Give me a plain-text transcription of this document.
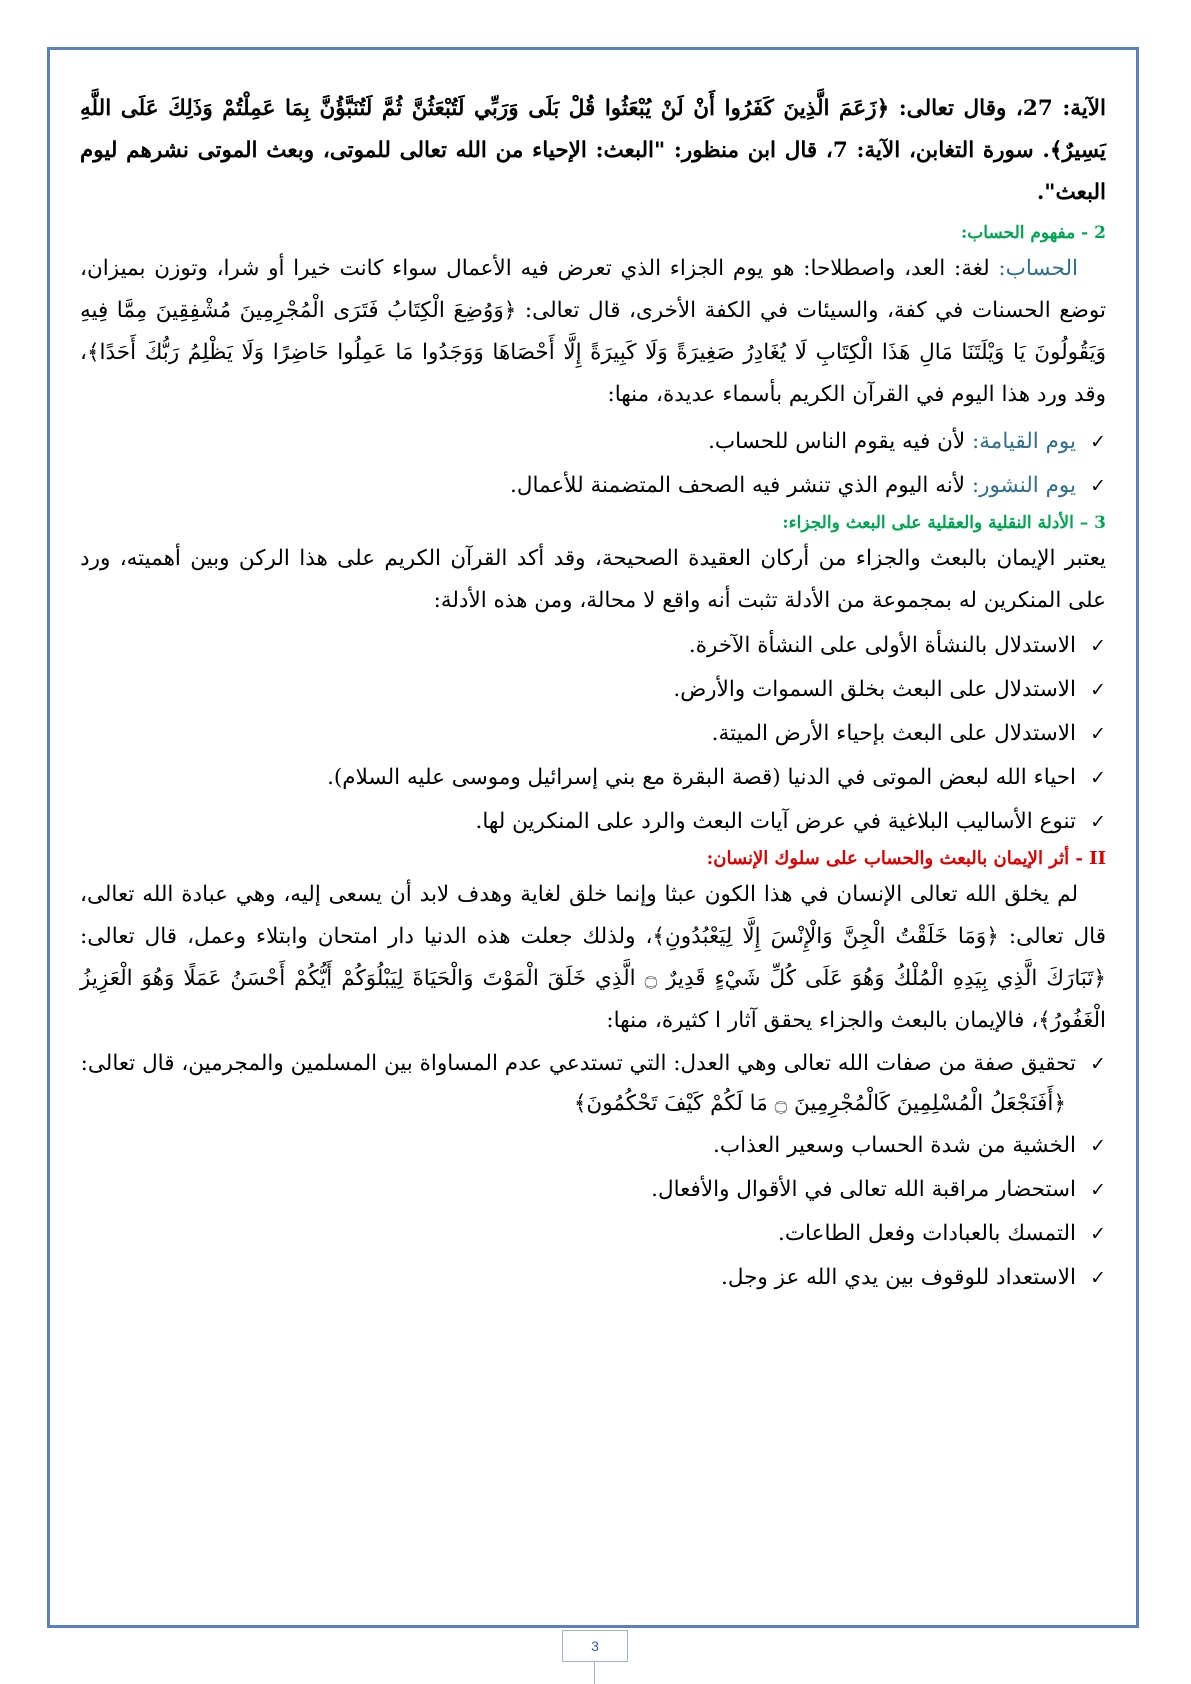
الآية: 27، وقال تعالى: ﴿زَعَمَ الَّذِينَ كَفَرُوا أَنْ لَنْ يُبْعَثُوا قُلْ بَلَى وَرَبِّي لَتُبْعَثُنَّ ثُمَّ لَتُنَبَّؤُنَّ بِمَا عَمِلْتُمْ وَذَلِكَ عَلَى اللَّهِ يَسِيرٌ﴾. سورة التغابن، الآية: 7، قال ابن منظور: "البعث: الإحياء من الله تعالى للموتى، وبعث الموتى نشرهم ليوم البعث".

2 - مفهوم الحساب:

الحساب: لغة: العد، واصطلاحا: هو يوم الجزاء الذي تعرض فيه الأعمال سواء كانت خيرا أو شرا، وتوزن بميزان، توضع الحسنات في كفة، والسيئات في الكفة الأخرى، قال تعالى: ﴿وَوُضِعَ الْكِتَابُ فَتَرَى الْمُجْرِمِينَ مُشْفِقِينَ مِمَّا فِيهِ وَيَقُولُونَ يَا وَيْلَتَنَا مَالِ هَذَا الْكِتَابِ لَا يُغَادِرُ صَغِيرَةً وَلَا كَبِيرَةً إِلَّا أَحْصَاهَا وَوَجَدُوا مَا عَمِلُوا حَاضِرًا وَلَا يَظْلِمُ رَبُّكَ أَحَدًا﴾، وقد ورد هذا اليوم في القرآن الكريم بأسماء عديدة، منها:

✓
يوم القيامة: لأن فيه يقوم الناس للحساب.
✓
يوم النشور: لأنه اليوم الذي تنشر فيه الصحف المتضمنة للأعمال.

3 – الأدلة النقلية والعقلية على البعث والجزاء:

يعتبر الإيمان بالبعث والجزاء من أركان العقيدة الصحيحة، وقد أكد القرآن الكريم على هذا الركن وبين أهميته، ورد على المنكرين له بمجموعة من الأدلة تثبت أنه واقع لا محالة، ومن هذه الأدلة:

✓
الاستدلال بالنشأة الأولى على النشأة الآخرة.
✓
الاستدلال على البعث بخلق السموات والأرض.
✓
الاستدلال على البعث بإحياء الأرض الميتة.
✓
احياء الله لبعض الموتى في الدنيا (قصة البقرة مع بني إسرائيل وموسى عليه السلام).
✓
تنوع الأساليب البلاغية في عرض آيات البعث والرد على المنكرين لها.

II - أثر الإيمان بالبعث والحساب على سلوك الإنسان:

لم يخلق الله تعالى الإنسان في هذا الكون عبثا وإنما خلق لغاية وهدف لابد أن يسعى إليه، وهي عبادة الله تعالى، قال تعالى: ﴿وَمَا خَلَقْتُ الْجِنَّ وَالْإِنْسَ إِلَّا لِيَعْبُدُونِ﴾، ولذلك جعلت هذه الدنيا دار امتحان وابتلاء وعمل، قال تعالى: ﴿تَبَارَكَ الَّذِي بِيَدِهِ الْمُلْكُ وَهُوَ عَلَى كُلِّ شَيْءٍ قَدِيرٌ ۝ الَّذِي خَلَقَ الْمَوْتَ وَالْحَيَاةَ لِيَبْلُوَكُمْ أَيُّكُمْ أَحْسَنُ عَمَلًا وَهُوَ الْعَزِيزُ الْغَفُورُ﴾، فالإيمان بالبعث والجزاء يحقق آثار ا كثيرة، منها:

✓
تحقيق صفة من صفات الله تعالى وهي العدل: التي تستدعي عدم المساواة بين المسلمين والمجرمين، قال تعالى:
﴿أَفَنَجْعَلُ الْمُسْلِمِينَ كَالْمُجْرِمِينَ ۝ مَا لَكُمْ كَيْفَ تَحْكُمُونَ﴾
✓
الخشية من شدة الحساب وسعير العذاب.
✓
استحضار مراقبة الله تعالى في الأقوال والأفعال.
✓
التمسك بالعبادات وفعل الطاعات.
✓
الاستعداد للوقوف بين يدي الله عز وجل.
3
